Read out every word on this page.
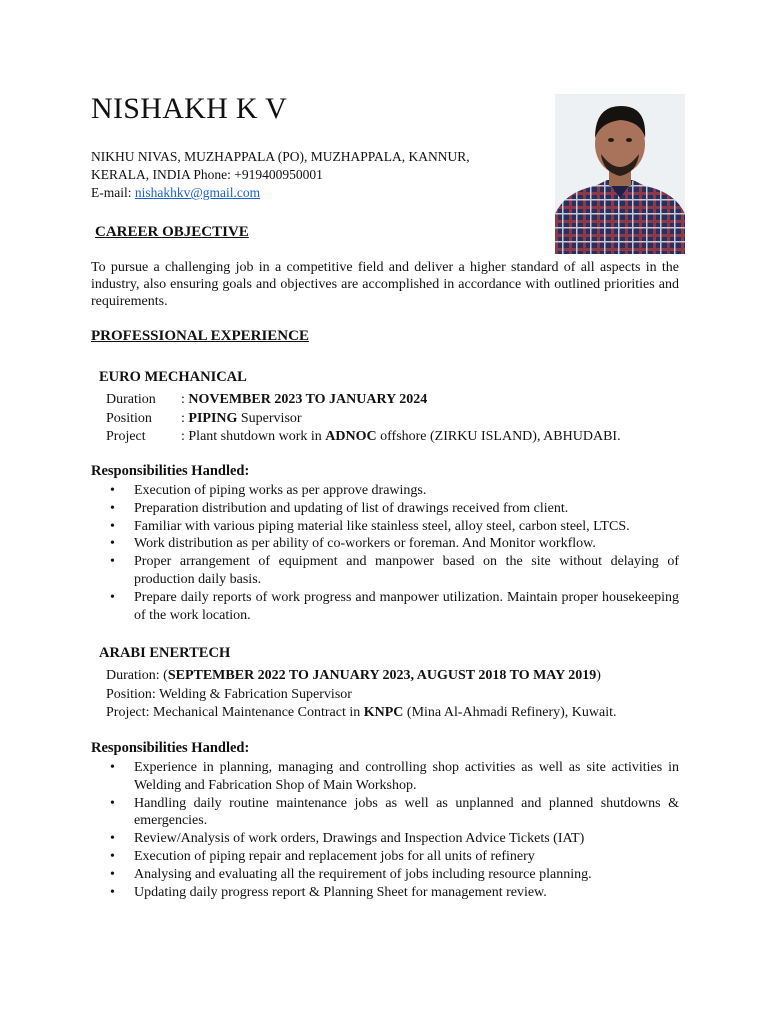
NISHAKH K V
NIKHU NIVAS, MUZHAPPALA (PO), MUZHAPPALA, KANNUR,
KERALA, INDIA Phone: +919400950001
E-mail: nishakhkv@gmail.com
CAREER OBJECTIVE
To pursue a challenging job in a competitive field and deliver a higher standard of all aspects in the industry, also ensuring goals and objectives are accomplished in accordance with outlined priorities and requirements.
PROFESSIONAL EXPERIENCE
EURO MECHANICAL
Duration : NOVEMBER 2023 TO JANUARY 2024
Position : PIPING Supervisor
Project	: Plant shutdown work in ADNOC offshore (ZIRKU ISLAND), ABHUDABI.
Responsibilities Handled:
• Execution of piping works as per approve drawings.
• Preparation distribution and updating of list of drawings received from client.
• Familiar with various piping material like stainless steel, alloy steel, carbon steel, LTCS.
• Work distribution as per ability of co-workers or foreman. And Monitor workflow.
• Proper arrangement of equipment and manpower based on the site without delaying of production daily basis.
• Prepare daily reports of work progress and manpower utilization. Maintain proper housekeeping of the work location.
ARABI ENERTECH
Duration: (SEPTEMBER 2022 TO JANUARY 2023, AUGUST 2018 TO MAY 2019)
Position: Welding & Fabrication Supervisor
Project: Mechanical Maintenance Contract in KNPC (Mina Al-Ahmadi Refinery), Kuwait.
Responsibilities Handled:
• Experience in planning, managing and controlling shop activities as well as site activities in Welding and Fabrication Shop of Main Workshop.
• Handling daily routine maintenance jobs as well as unplanned and planned shutdowns & emergencies.
• Review/Analysis of work orders, Drawings and Inspection Advice Tickets (IAT)
• Execution of piping repair and replacement jobs for all units of refinery
• Analysing and evaluating all the requirement of jobs including resource planning.
• Updating daily progress report & Planning Sheet for management review.
